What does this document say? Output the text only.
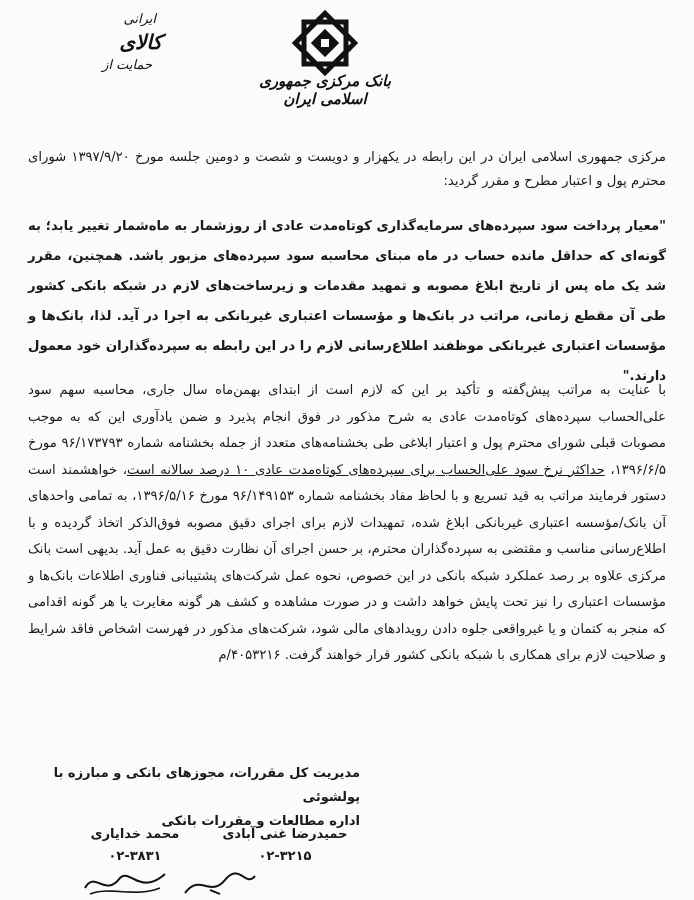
بانک مرکزی جمهوری اسلامی ایران
ایرانی
کالای
حمایت از
مرکزی جمهوری اسلامی ایران در این رابطه در یکهزار و دویست و شصت و دومین جلسه مورخ ۱۳۹۷/۹/۲۰ شورای محترم پول و اعتبار مطرح و مقرر گردید:
"معیار پرداخت سود سپرده‌های سرمایه‌گذاری کوتاه‌مدت عادی از روزشمار به ماه‌شمار تغییر یابد؛ به گونه‌ای که حداقل مانده حساب در ماه مبنای محاسبه سود سپرده‌های مزبور باشد. همچنین، مقرر شد یک ماه پس از تاریخ ابلاغ مصوبه و تمهید مقدمات و زیرساخت‌های لازم در شبکه بانکی کشور طی آن مقطع زمانی، مراتب در بانک‌ها و مؤسسات اعتباری غیربانکی به اجرا در آید. لذا، بانک‌ها و مؤسسات اعتباری غیربانکی موظفند اطلاع‌رسانی لازم را در این رابطه به سپرده‌گذاران خود معمول دارند."
با عنایت به مراتب پیش‌گفته و تأکید بر این که لازم است از ابتدای بهمن‌ماه سال جاری، محاسبه سهم سود علی‌الحساب سپرده‌های کوتاه‌مدت عادی به شرح مذکور در فوق انجام پذیرد و ضمن یادآوری این که به موجب مصوبات قبلی شورای محترم پول و اعتبار ابلاغی طی بخشنامه‌های متعدد از جمله بخشنامه شماره ۹۶/۱۷۳۷۹۳ مورخ ۱۳۹۶/۶/۵، حداکثر نرخ سود علی‌الحساب برای سپرده‌های کوتاه‌مدت عادی ۱۰ درصد سالانه است، خواهشمند است دستور فرمایند مراتب به قید تسریع و با لحاظ مفاد بخشنامه شماره ۹۶/۱۴۹۱۵۳ مورخ ۱۳۹۶/۵/۱۶، به تمامی واحدهای آن بانک/مؤسسه اعتباری غیربانکی ابلاغ شده، تمهیدات لازم برای اجرای دقیق مصوبه فوق‌الذکر اتخاذ گردیده و با اطلاع‌رسانی مناسب و مقتضی به سپرده‌گذاران محترم، بر حسن اجرای آن نظارت دقیق به عمل آید. بدیهی است بانک مرکزی علاوه بر رصد عملکرد شبکه بانکی در این خصوص، نحوه عمل شرکت‌های پشتیبانی فناوری اطلاعات بانک‌ها و مؤسسات اعتباری را نیز تحت پایش خواهد داشت و در صورت مشاهده و کشف هر گونه مغایرت یا هر گونه اقدامی که منجر به کتمان و یا غیرواقعی جلوه دادن رویدادهای مالی شود، شرکت‌های مذکور در فهرست اشخاص فاقد شرایط و صلاحیت لازم برای همکاری با شبکه بانکی کشور قرار خواهند گرفت. ۴۰۵۳۲۱۶/م
مدیریت کل مقررات، مجوزهای بانکی و مبارزه با پولشوئی
اداره مطالعات و مقررات بانکی
حمیدرضا غنی آبادی
۰۲-۳۲۱۵
محمد خدایاری
۰۲-۳۸۳۱
